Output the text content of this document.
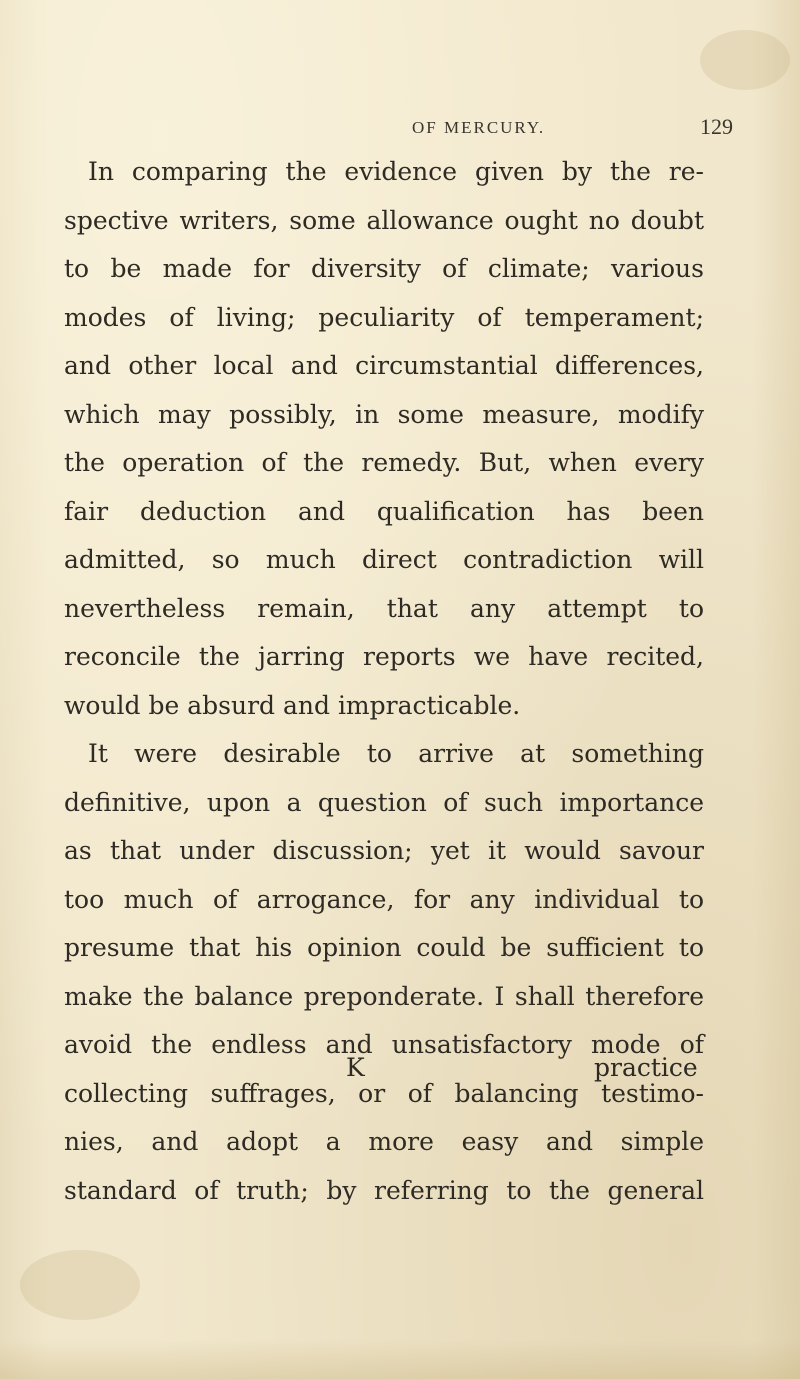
OF MERCURY.	129
In comparing the evidence given by the re-
spective writers, some allowance ought no doubt
to be made for diversity of climate; various
modes of living; peculiarity of temperament;
and other local and circumstantial differences,
which may possibly, in some measure, modify
the operation of the remedy. But, when every
fair deduction and qualification has been
admitted, so much direct contradiction will
nevertheless remain, that any attempt to
reconcile the jarring reports we have recited,
would be absurd and impracticable.
It were desirable to arrive at something
definitive, upon a question of such importance
as that under discussion; yet it would savour
too much of arrogance, for any individual to
presume that his opinion could be sufficient to
make the balance preponderate. I shall therefore
avoid the endless and unsatisfactory mode of
collecting suffrages, or of balancing testimo-
nies, and adopt a more easy and simple
standard of truth; by referring to the general
K	practice
